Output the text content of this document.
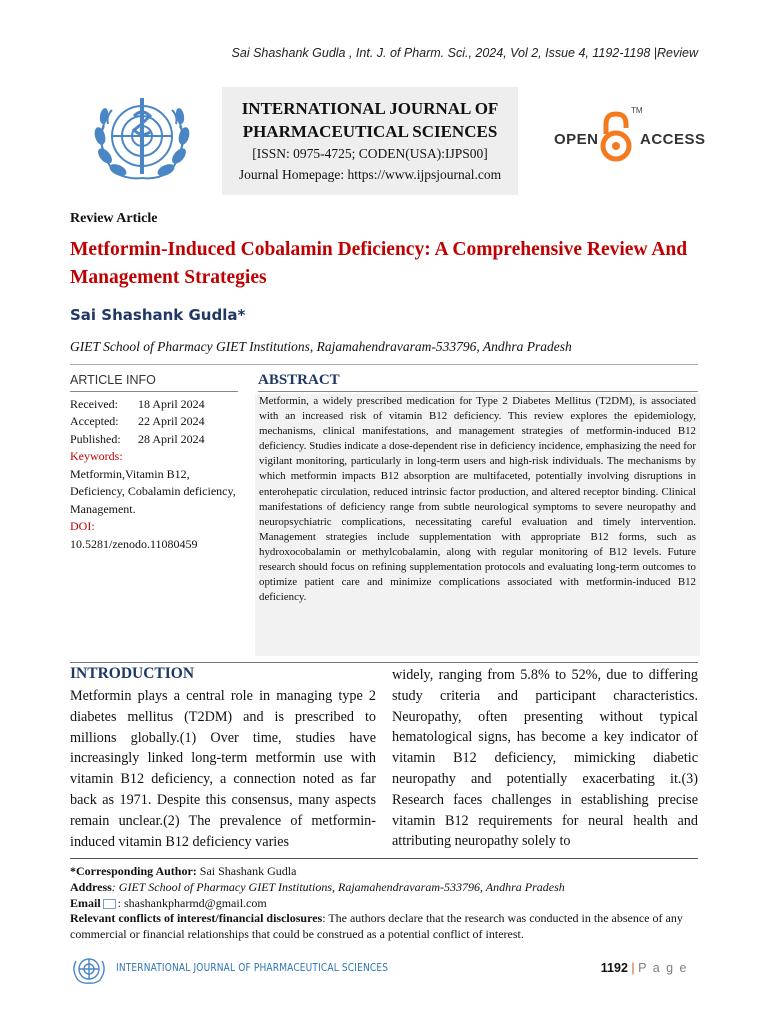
Sai Shashank Gudla , Int. J. of Pharm. Sci., 2024, Vol 2, Issue 4, 1192-1198 |Review
INTERNATIONAL JOURNAL OF
PHARMACEUTICAL SCIENCES
[ISSN: 0975-4725; CODEN(USA):IJPS00]
Journal Homepage: https://www.ijpsjournal.com
TM
OPEN	ACCESS
Review Article
Metformin-Induced Cobalamin Deficiency: A Comprehensive Review And Management Strategies
Sai Shashank Gudla*
GIET School of Pharmacy GIET Institutions, Rajamahendravaram-533796, Andhra Pradesh
ARTICLE INFO
Received:	18 April 2024
Accepted:	22 April 2024
Published:	28 April 2024
Keywords:
Metformin,Vitamin B12, Deficiency, Cobalamin deficiency, Management.
DOI:
10.5281/zenodo.11080459
ABSTRACT
Metformin, a widely prescribed medication for Type 2 Diabetes Mellitus (T2DM), is associated with an increased risk of vitamin B12 deficiency. This review explores the epidemiology, mechanisms, clinical manifestations, and management strategies of metformin-induced B12 deficiency. Studies indicate a dose-dependent rise in deficiency incidence, emphasizing the need for vigilant monitoring, particularly in long-term users and high-risk individuals. The mechanisms by which metformin impacts B12 absorption are multifaceted, potentially involving disruptions in enterohepatic circulation, reduced intrinsic factor production, and altered receptor binding. Clinical manifestations of deficiency range from subtle neurological symptoms to severe neuropathy and neuropsychiatric complications, necessitating careful evaluation and timely intervention. Management strategies include supplementation with appropriate B12 forms, such as hydroxocobalamin or methylcobalamin, along with regular monitoring of B12 levels. Future research should focus on refining supplementation protocols and evaluating long-term outcomes to optimize patient care and minimize complications associated with metformin-induced B12 deficiency.
INTRODUCTION
Metformin plays a central role in managing type 2 diabetes mellitus (T2DM) and is prescribed to millions globally.(1) Over time, studies have increasingly linked long-term metformin use with vitamin B12 deficiency, a connection noted as far back as 1971. Despite this consensus, many aspects remain unclear.(2) The prevalence of metformin-induced vitamin B12 deficiency varies
widely, ranging from 5.8% to 52%, due to differing study criteria and participant characteristics. Neuropathy, often presenting without typical hematological signs, has become a key indicator of vitamin B12 deficiency, mimicking diabetic neuropathy and potentially exacerbating it.(3) Research faces challenges in establishing precise vitamin B12 requirements for neural health and attributing neuropathy solely to
*Corresponding Author: Sai Shashank Gudla
Address: GIET School of Pharmacy GIET Institutions, Rajamahendravaram-533796, Andhra Pradesh
Email : shashankpharmd@gmail.com
Relevant conflicts of interest/financial disclosures: The authors declare that the research was conducted in the absence of any commercial or financial relationships that could be construed as a potential conflict of interest.
INTERNATIONAL JOURNAL OF PHARMACEUTICAL SCIENCES	1192 | P a g e
